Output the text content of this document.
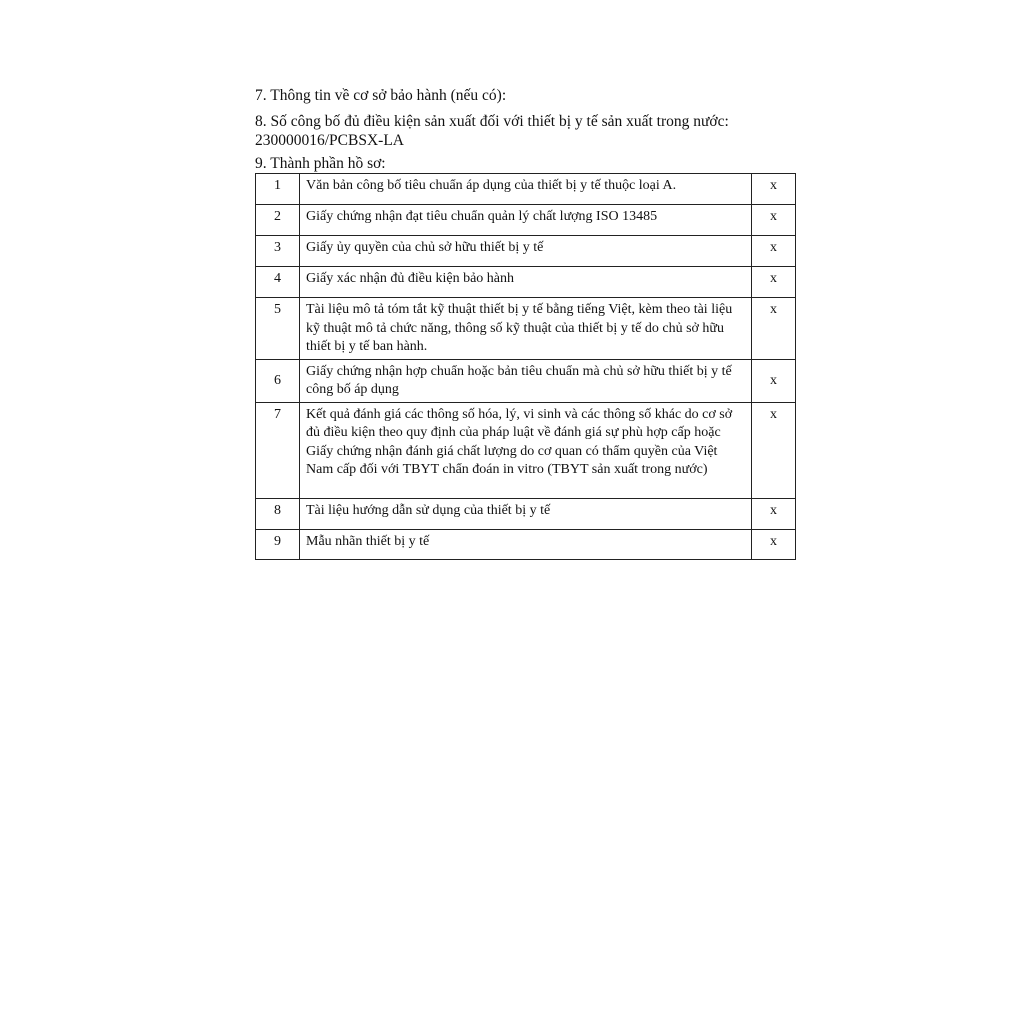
7. Thông tin về cơ sở bảo hành (nếu có):

8. Số công bố đủ điều kiện sản xuất đối với thiết bị y tế sản xuất trong nước:

230000016/PCBSX-LA

9. Thành phần hồ sơ:

1	Văn bản công bố tiêu chuẩn áp dụng của thiết bị y tế thuộc loại A.	x
2	Giấy chứng nhận đạt tiêu chuẩn quản lý chất lượng ISO 13485	x
3	Giấy ủy quyền của chủ sở hữu thiết bị y tế	x
4	Giấy xác nhận đủ điều kiện bảo hành	x
5	Tài liệu mô tả tóm tắt kỹ thuật thiết bị y tế bằng tiếng Việt, kèm theo tài liệu kỹ thuật mô tả chức năng, thông số kỹ thuật của thiết bị y tế do chủ sở hữu thiết bị y tế ban hành.	x
6	Giấy chứng nhận hợp chuẩn hoặc bản tiêu chuẩn mà chủ sở hữu thiết bị y tế công bố áp dụng	x
7	Kết quả đánh giá các thông số hóa, lý, vi sinh và các thông số khác do cơ sở đủ điều kiện theo quy định của pháp luật về đánh giá sự phù hợp cấp hoặc Giấy chứng nhận đánh giá chất lượng do cơ quan có thẩm quyền của Việt Nam cấp đối với TBYT chẩn đoán in vitro (TBYT sản xuất trong nước)	x
8	Tài liệu hướng dẫn sử dụng của thiết bị y tế	x
9	Mẫu nhãn thiết bị y tế	x
